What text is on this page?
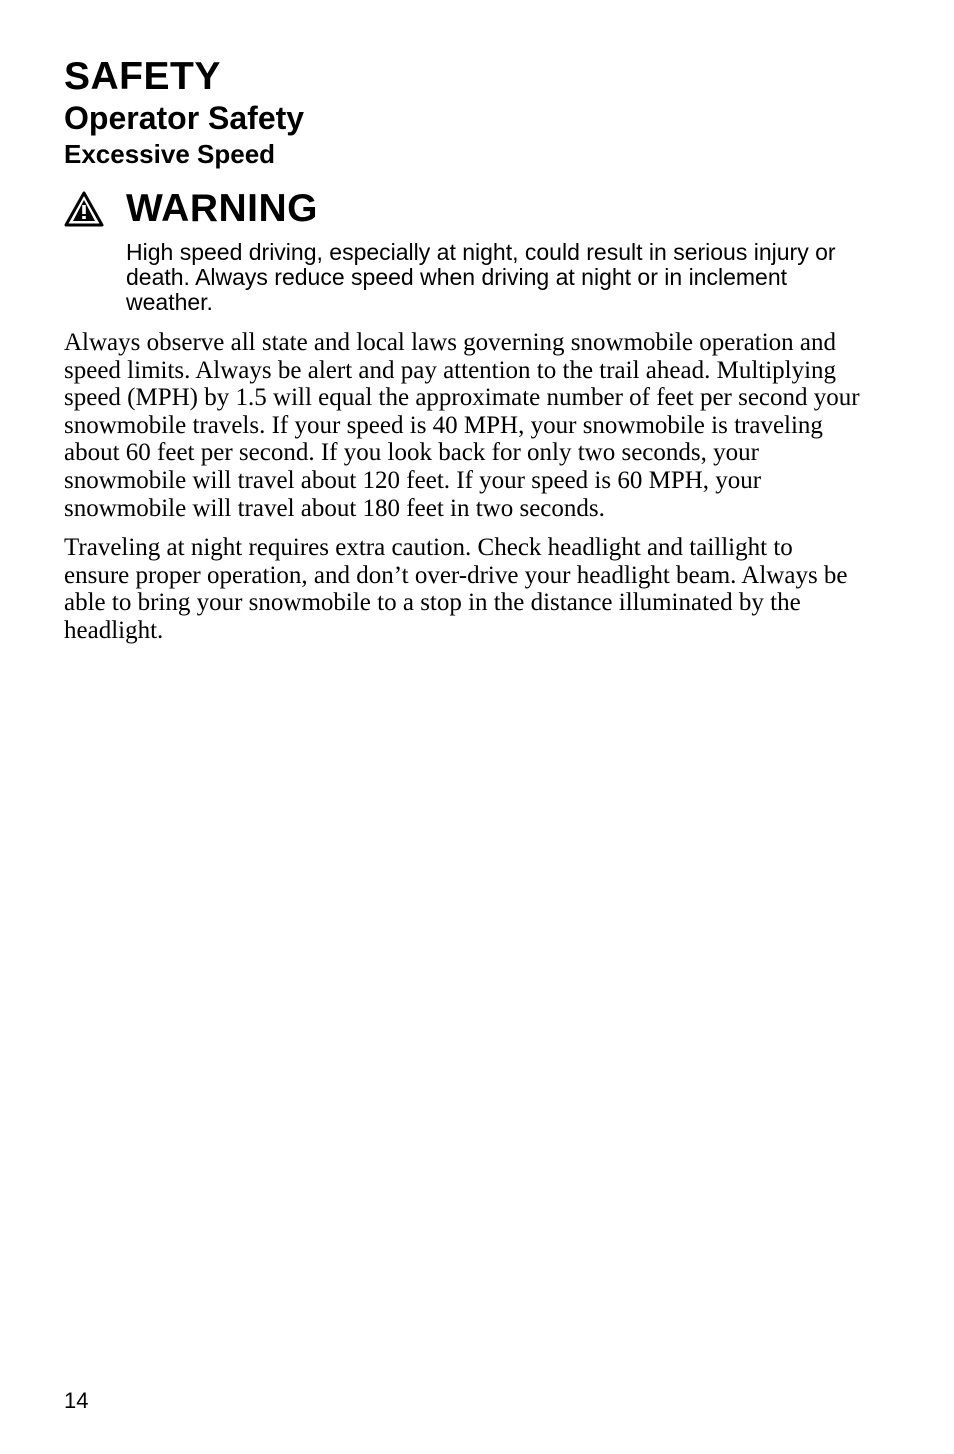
SAFETY
Operator Safety
Excessive Speed
WARNING

High speed driving, especially at night, could result in serious injury or death. Always reduce speed when driving at night or in inclement weather.

Always observe all state and local laws governing snowmobile operation and speed limits. Always be alert and pay attention to the trail ahead. Multiplying speed (MPH) by 1.5 will equal the approximate number of feet per second your snowmobile travels. If your speed is 40 MPH, your snowmobile is traveling about 60 feet per second. If you look back for only two seconds, your snowmobile will travel about 120 feet. If your speed is 60 MPH, your snowmobile will travel about 180 feet in two seconds.

Traveling at night requires extra caution. Check headlight and taillight to ensure proper operation, and don’t over-drive your headlight beam. Always be able to bring your snowmobile to a stop in the distance illuminated by the headlight.

14
